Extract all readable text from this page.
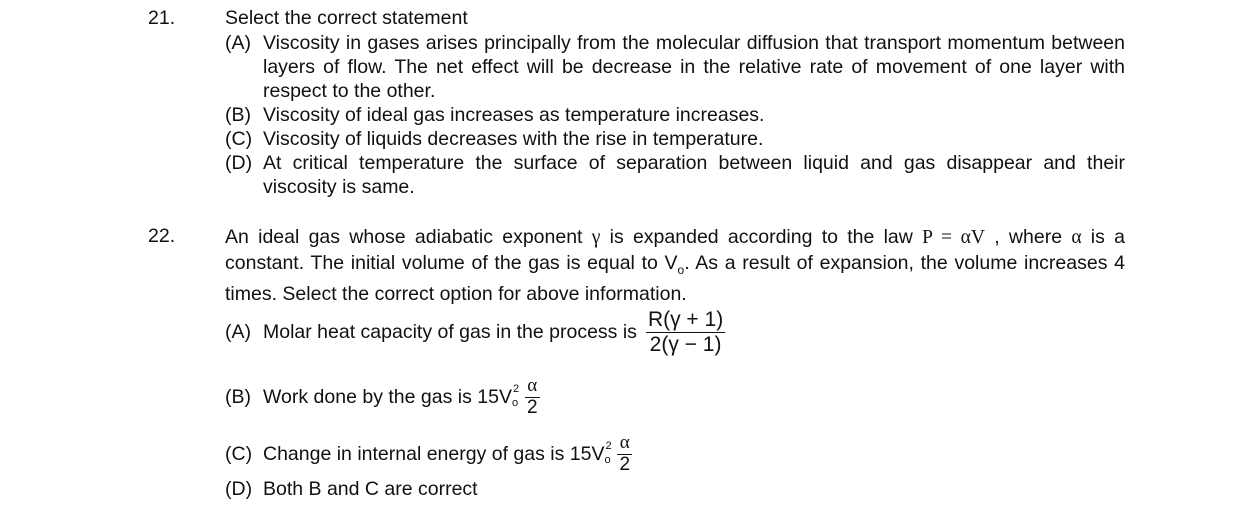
21.	Select the correct statement
(A) Viscosity in gases arises principally from the molecular diffusion that transport momentum between layers of flow. The net effect will be decrease in the relative rate of movement of one layer with respect to the other.
(B) Viscosity of ideal gas increases as temperature increases.
(C) Viscosity of liquids decreases with the rise in temperature.
(D) At critical temperature the surface of separation between liquid and gas disappear and their viscosity is same.
22.	An ideal gas whose adiabatic exponent γ is expanded according to the law P = αV , where α is a constant. The initial volume of the gas is equal to $V_o$. As a result of expansion, the volume increases 4 times. Select the correct option for above information.
(A) Molar heat capacity of gas in the process is $\frac{R(\gamma + 1)}{2(\gamma - 1)}$
(B) Work done by the gas is 15V 2
o $\frac{\alpha}{2}$
(C) Change in internal energy of gas is 15V 2
o $\frac{\alpha}{2}$
(D) Both B and C are correct
